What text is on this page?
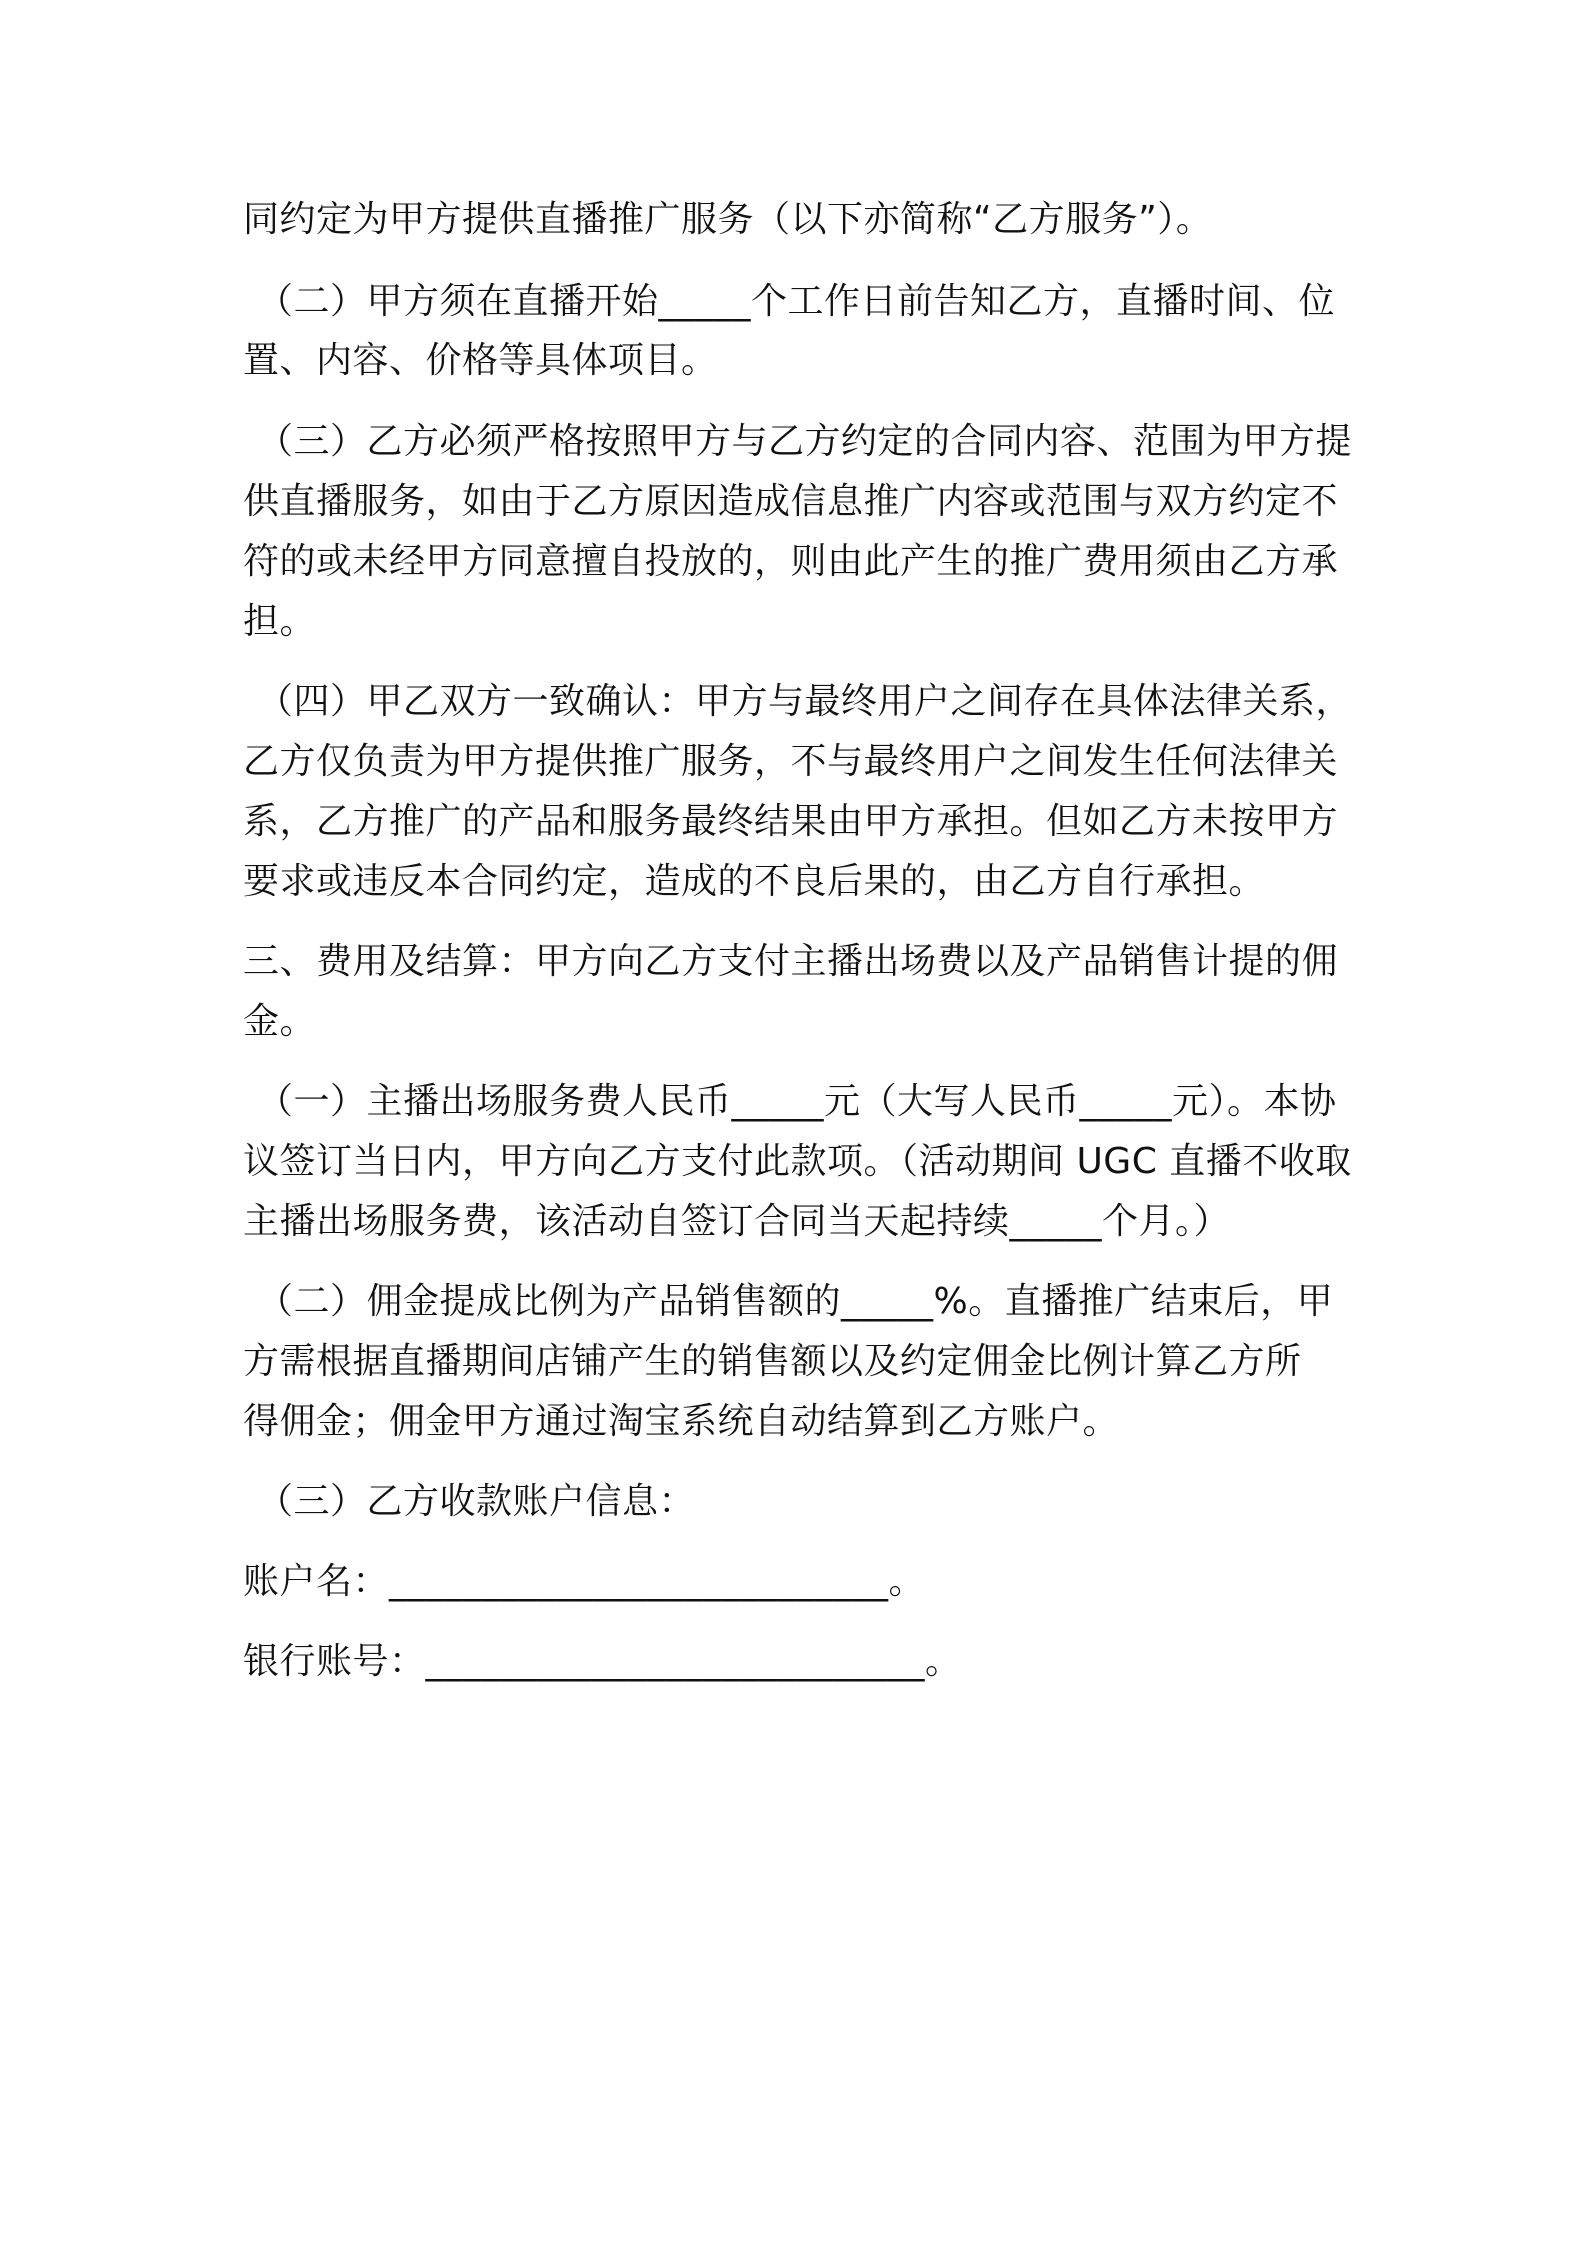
同约定为甲方提供直播推广服务（以下亦简称“乙方服务”）。
（二）甲方须在直播开始_____个工作日前告知乙方，直播时间、位
置、内容、价格等具体项目。
（三）乙方必须严格按照甲方与乙方约定的合同内容、范围为甲方提
供直播服务，如由于乙方原因造成信息推广内容或范围与双方约定不
符的或未经甲方同意擅自投放的，则由此产生的推广费用须由乙方承
担。
（四）甲乙双方一致确认：甲方与最终用户之间存在具体法律关系，
乙方仅负责为甲方提供推广服务，不与最终用户之间发生任何法律关
系，乙方推广的产品和服务最终结果由甲方承担。但如乙方未按甲方
要求或违反本合同约定，造成的不良后果的，由乙方自行承担。
三、费用及结算：甲方向乙方支付主播出场费以及产品销售计提的佣
金。
（一）主播出场服务费人民币_____元（大写人民币_____元）。本协
议签订当日内，甲方向乙方支付此款项。（活动期间 UGC 直播不收取
主播出场服务费，该活动自签订合同当天起持续_____个月。）
（二）佣金提成比例为产品销售额的_____%。直播推广结束后，甲
方需根据直播期间店铺产生的销售额以及约定佣金比例计算乙方所
得佣金；佣金甲方通过淘宝系统自动结算到乙方账户。
（三）乙方收款账户信息：
账户名：___________________________。
银行账号：___________________________。
